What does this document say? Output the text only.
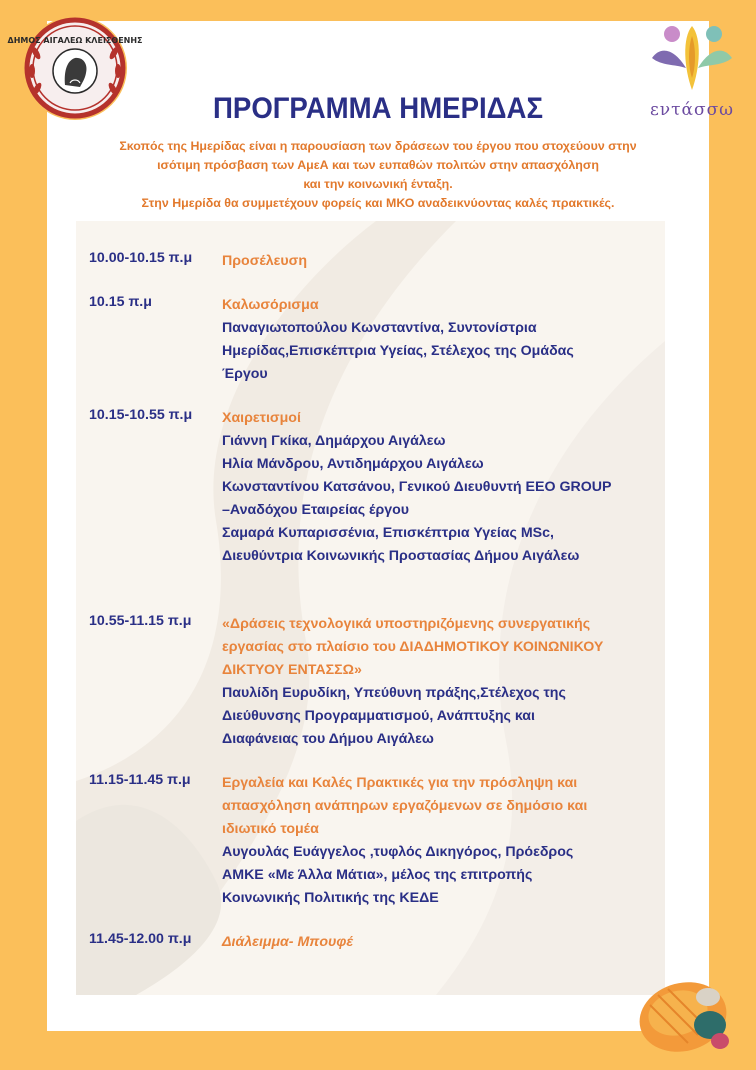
ΔΗΜΟΣ ΑΙΓΑΛΕΩ ΚΛΕΙΣΘΕΝΗΣ
εντάσσω
ΠΡΟΓΡΑΜΜΑ ΗΜΕΡΙΔΑΣ
Σκοπός της Ημερίδας είναι η παρουσίαση των δράσεων του έργου που στοχεύουν στην
ισότιμη πρόσβαση των ΑμεΑ και των ευπαθών πολιτών στην απασχόληση
και την κοινωνική ένταξη.
Στην Ημερίδα θα συμμετέχουν φορείς και ΜΚΟ αναδεικνύοντας καλές πρακτικές.
10.00-10.15 π.μ	Προσέλευση
10.15 π.μ	Καλωσόρισμα
Παναγιωτοπούλου Κωνσταντίνα, Συντονίστρια
Ημερίδας,Επισκέπτρια Υγείας, Στέλεχος της Ομάδας
Έργου
10.15-10.55 π.μ	Χαιρετισμοί
Γιάννη Γκίκα, Δημάρχου Αιγάλεω
Ηλία Μάνδρου, Αντιδημάρχου Αιγάλεω
Κωνσταντίνου Κατσάνου, Γενικού Διευθυντή ΕΕΟ GROUP
–Αναδόχου Εταιρείας έργου
Σαμαρά Κυπαρισσένια, Επισκέπτρια Υγείας MSc,
Διευθύντρια Κοινωνικής Προστασίας Δήμου Αιγάλεω
10.55-11.15 π.μ	«Δράσεις τεχνολογικά υποστηριζόμενης συνεργατικής
εργασίας στο πλαίσιο του ΔΙΑΔΗΜΟΤΙΚΟΥ ΚΟΙΝΩΝΙΚΟΥ
ΔΙΚΤΥΟΥ ΕΝΤΑΣΣΩ»
Παυλίδη Ευρυδίκη, Υπεύθυνη πράξης,Στέλεχος της
Διεύθυνσης Προγραμματισμού, Ανάπτυξης και
Διαφάνειας του Δήμου Αιγάλεω
11.15-11.45 π.μ	Εργαλεία και Καλές Πρακτικές για την πρόσληψη και
απασχόληση ανάπηρων εργαζόμενων σε δημόσιο και
ιδιωτικό τομέα
Αυγουλάς Ευάγγελος ,τυφλός Δικηγόρος, Πρόεδρος
ΑΜΚΕ «Με Άλλα Μάτια», μέλος της επιτροπής
Κοινωνικής Πολιτικής της ΚΕΔΕ
11.45-12.00 π.μ	Διάλειμμα- Μπουφέ
